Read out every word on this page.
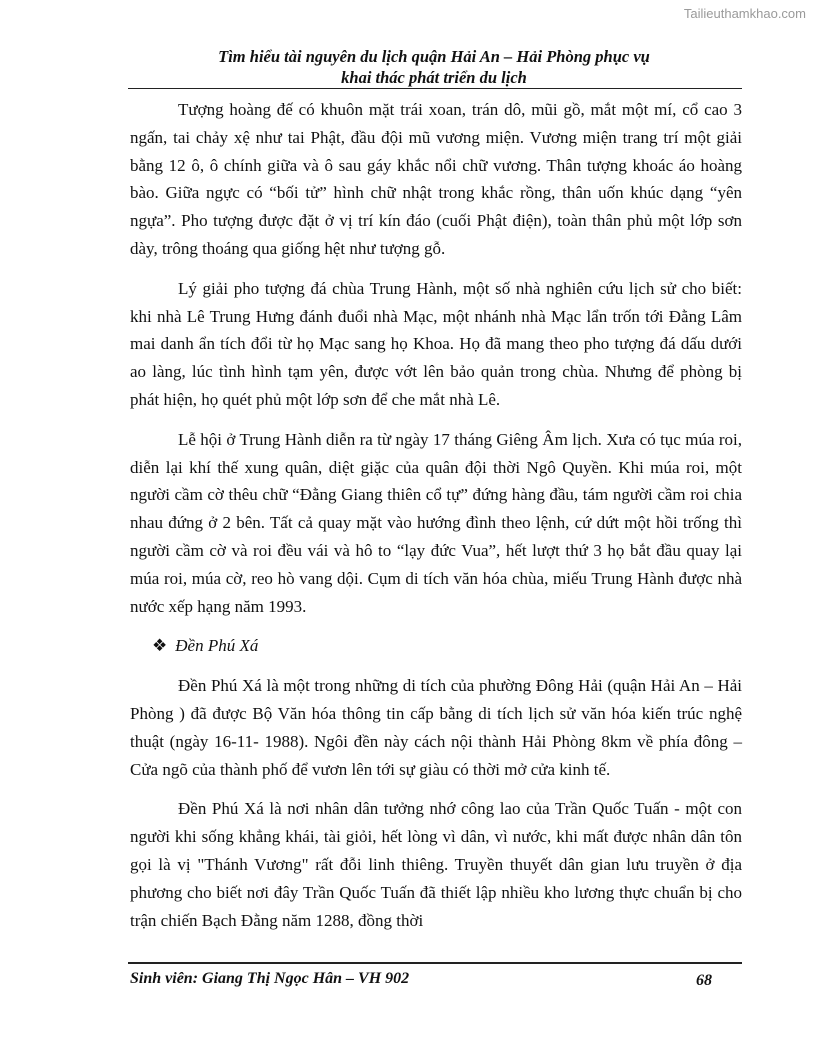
Tailieuthamkhao.com
Tìm hiểu tài nguyên du lịch quận Hải An – Hải Phòng phục vụ
khai thác phát triển du lịch

Tượng hoàng đế có khuôn mặt trái xoan, trán dô, mũi gồ, mắt một mí, cổ cao 3 ngấn, tai chảy xệ như tai Phật, đầu đội mũ vương miện. Vương miện trang trí một giải bằng 12 ô, ô chính giữa và ô sau gáy khắc nổi chữ vương. Thân tượng khoác áo hoàng bào. Giữa ngực có “bối tử” hình chữ nhật trong khắc rồng, thân uốn khúc dạng “yên ngựa”. Pho tượng được đặt ở vị trí kín đáo (cuối Phật điện), toàn thân phủ một lớp sơn dày, trông thoáng qua giống hệt như tượng gỗ.

Lý giải pho tượng đá chùa Trung Hành, một số nhà nghiên cứu lịch sử cho biết: khi nhà Lê Trung Hưng đánh đuổi nhà Mạc, một nhánh nhà Mạc lẩn trốn tới Đằng Lâm mai danh ẩn tích đổi từ họ Mạc sang họ Khoa. Họ đã mang theo pho tượng đá dấu dưới ao làng, lúc tình hình tạm yên, được vớt lên bảo quản trong chùa. Nhưng để phòng bị phát hiện, họ quét phủ một lớp sơn để che mắt nhà Lê.

Lễ hội ở Trung Hành diễn ra từ ngày 17 tháng Giêng Âm lịch. Xưa có tục múa roi, diễn lại khí thế xung quân, diệt giặc của quân đội thời Ngô Quyền. Khi múa roi, một người cầm cờ thêu chữ “Đằng Giang thiên cổ tự” đứng hàng đầu, tám người cầm roi chia nhau đứng ở 2 bên. Tất cả quay mặt vào hướng đình theo lệnh, cứ dứt một hồi trống thì người cầm cờ và roi đều vái và hô to “lạy đức Vua”, hết lượt thứ 3 họ bắt đầu quay lại múa roi, múa cờ, reo hò vang dội. Cụm di tích văn hóa chùa, miếu Trung Hành được nhà nước xếp hạng năm 1993.

❖ Đền Phú Xá

Đền Phú Xá là một trong những di tích của phường Đông Hải (quận Hải An – Hải Phòng ) đã được Bộ Văn hóa thông tin cấp bằng di tích lịch sử văn hóa kiến trúc nghệ thuật (ngày 16-11- 1988). Ngôi đền này cách nội thành Hải Phòng 8km về phía đông – Cửa ngõ của thành phố để vươn lên tới sự giàu có thời mở cửa kinh tế.

Đền Phú Xá là nơi nhân dân tưởng nhớ công lao của Trần Quốc Tuấn - một con người khi sống khẳng khái, tài giỏi, hết lòng vì dân, vì nước, khi mất được nhân dân tôn gọi là vị "Thánh Vương" rất đỗi linh thiêng. Truyền thuyết dân gian lưu truyền ở địa phương cho biết nơi đây Trần Quốc Tuấn đã thiết lập nhiều kho lương thực chuẩn bị cho trận chiến Bạch Đằng năm 1288, đồng thời

Sinh viên: Giang Thị Ngọc Hân – VH 902	68
